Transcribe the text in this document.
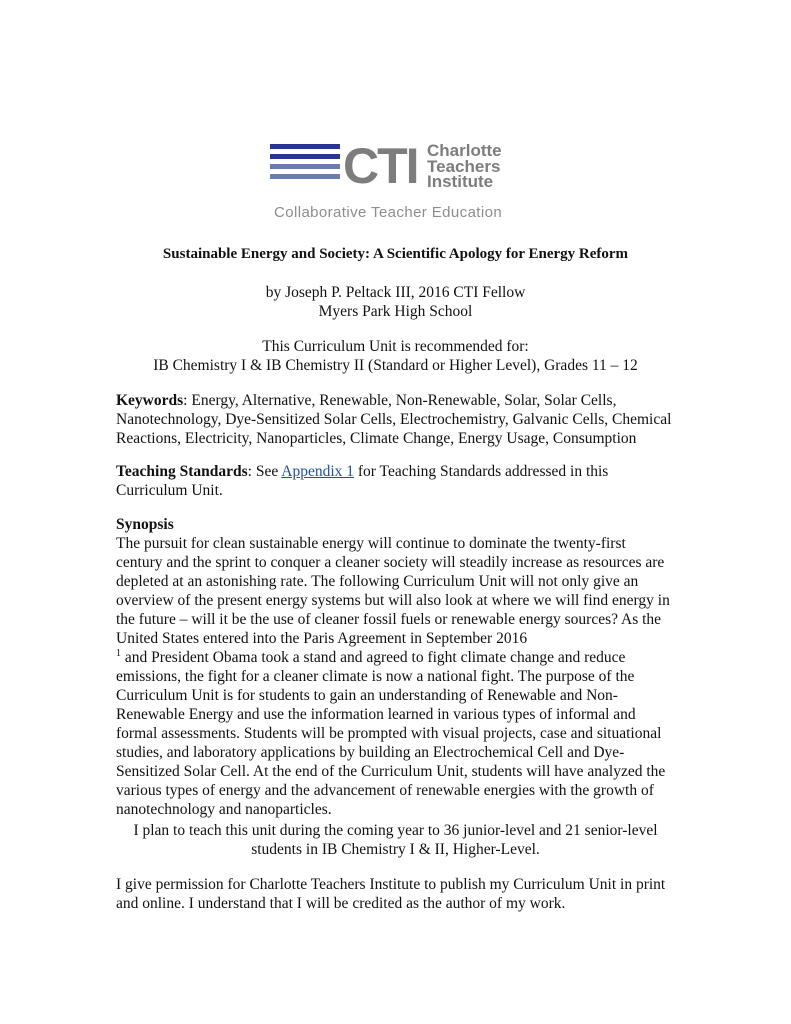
CTI Charlotte
Teachers
Institute
Collaborative Teacher Education
Sustainable Energy and Society: A Scientific Apology for Energy Reform
by Joseph P. Peltack III, 2016 CTI Fellow
Myers Park High School
This Curriculum Unit is recommended for:
IB Chemistry I & IB Chemistry II (Standard or Higher Level), Grades 11 – 12
Keywords: Energy, Alternative, Renewable, Non-Renewable, Solar, Solar Cells,
Nanotechnology, Dye-Sensitized Solar Cells, Electrochemistry, Galvanic Cells, Chemical
Reactions, Electricity, Nanoparticles, Climate Change, Energy Usage, Consumption
Teaching Standards: See Appendix 1 for Teaching Standards addressed in this
Curriculum Unit.
Synopsis
The pursuit for clean sustainable energy will continue to dominate the twenty-first
century and the sprint to conquer a cleaner society will steadily increase as resources are
depleted at an astonishing rate. The following Curriculum Unit will not only give an
overview of the present energy systems but will also look at where we will find energy in
the future – will it be the use of cleaner fossil fuels or renewable energy sources? As the
United States entered into the Paris Agreement in September 2016
$^1$ and President Obama took a stand and agreed to fight climate change and reduce
emissions, the fight for a cleaner climate is now a national fight. The purpose of the
Curriculum Unit is for students to gain an understanding of Renewable and Non-
Renewable Energy and use the information learned in various types of informal and
formal assessments. Students will be prompted with visual projects, case and situational
studies, and laboratory applications by building an Electrochemical Cell and Dye-
Sensitized Solar Cell. At the end of the Curriculum Unit, students will have analyzed the
various types of energy and the advancement of renewable energies with the growth of
nanotechnology and nanoparticles.
I plan to teach this unit during the coming year to 36 junior-level and 21 senior-level
students in IB Chemistry I & II, Higher-Level.
I give permission for Charlotte Teachers Institute to publish my Curriculum Unit in print
and online. I understand that I will be credited as the author of my work.
